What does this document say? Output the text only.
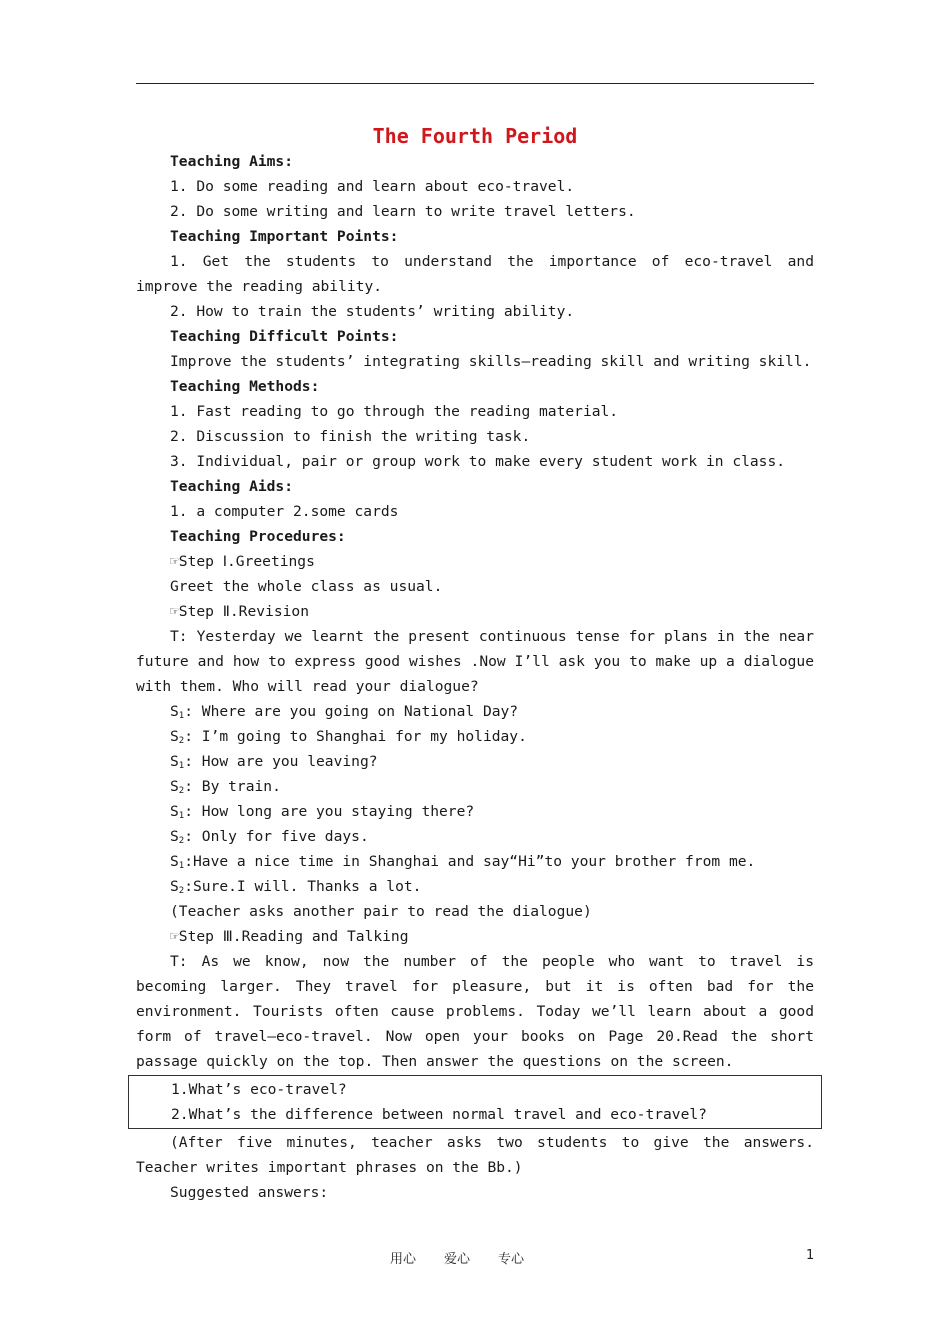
The Fourth Period

Teaching Aims:

1. Do some reading and learn about eco-travel.

2. Do some writing and learn to write travel letters.

Teaching Important Points:

1. Get the students to understand the importance of eco-travel and improve the reading ability.

2. How to train the students’ writing ability.

Teaching Difficult Points:

Improve the students’ integrating skills—reading skill and writing skill.

Teaching Methods:

1. Fast reading to go through the reading material.

2. Discussion to finish the writing task.

3. Individual, pair or group work to make every student work in class.

Teaching Aids:

1. a computer 2.some cards

Teaching Procedures:

☞Step Ⅰ.Greetings

Greet the whole class as usual.

☞Step Ⅱ.Revision

T: Yesterday we learnt the present continuous tense for plans in the near future and how to express good wishes .Now I’ll ask you to make up a dialogue with them. Who will read your dialogue?

$S_1$: Where are you going on National Day?

$S_2$: I’m going to Shanghai for my holiday.

$S_1$: How are you leaving?

$S_2$: By train.

$S_1$: How long are you staying there?

$S_2$: Only for five days.

$S_1:Have$ a nice time in Shanghai and say“Hi”to your brother from me.

$S_2:Sure.I$ will. Thanks a lot.

(Teacher asks another pair to read the dialogue)

☞Step Ⅲ.Reading and Talking

T: As we know, now the number of the people who want to travel is becoming larger. They travel for pleasure, but it is often bad for the environment. Tourists often cause problems. Today we’ll learn about a good form of travel—eco-travel. Now open your books on Page 20.Read the short passage quickly on the top. Then answer the questions on the screen.

1.What’s eco-travel?

2.What’s the difference between normal travel and eco-travel?

(After five minutes, teacher asks two students to give the answers. Teacher writes important phrases on the Bb.)

Suggested answers:

用心 爱心 专心	1
